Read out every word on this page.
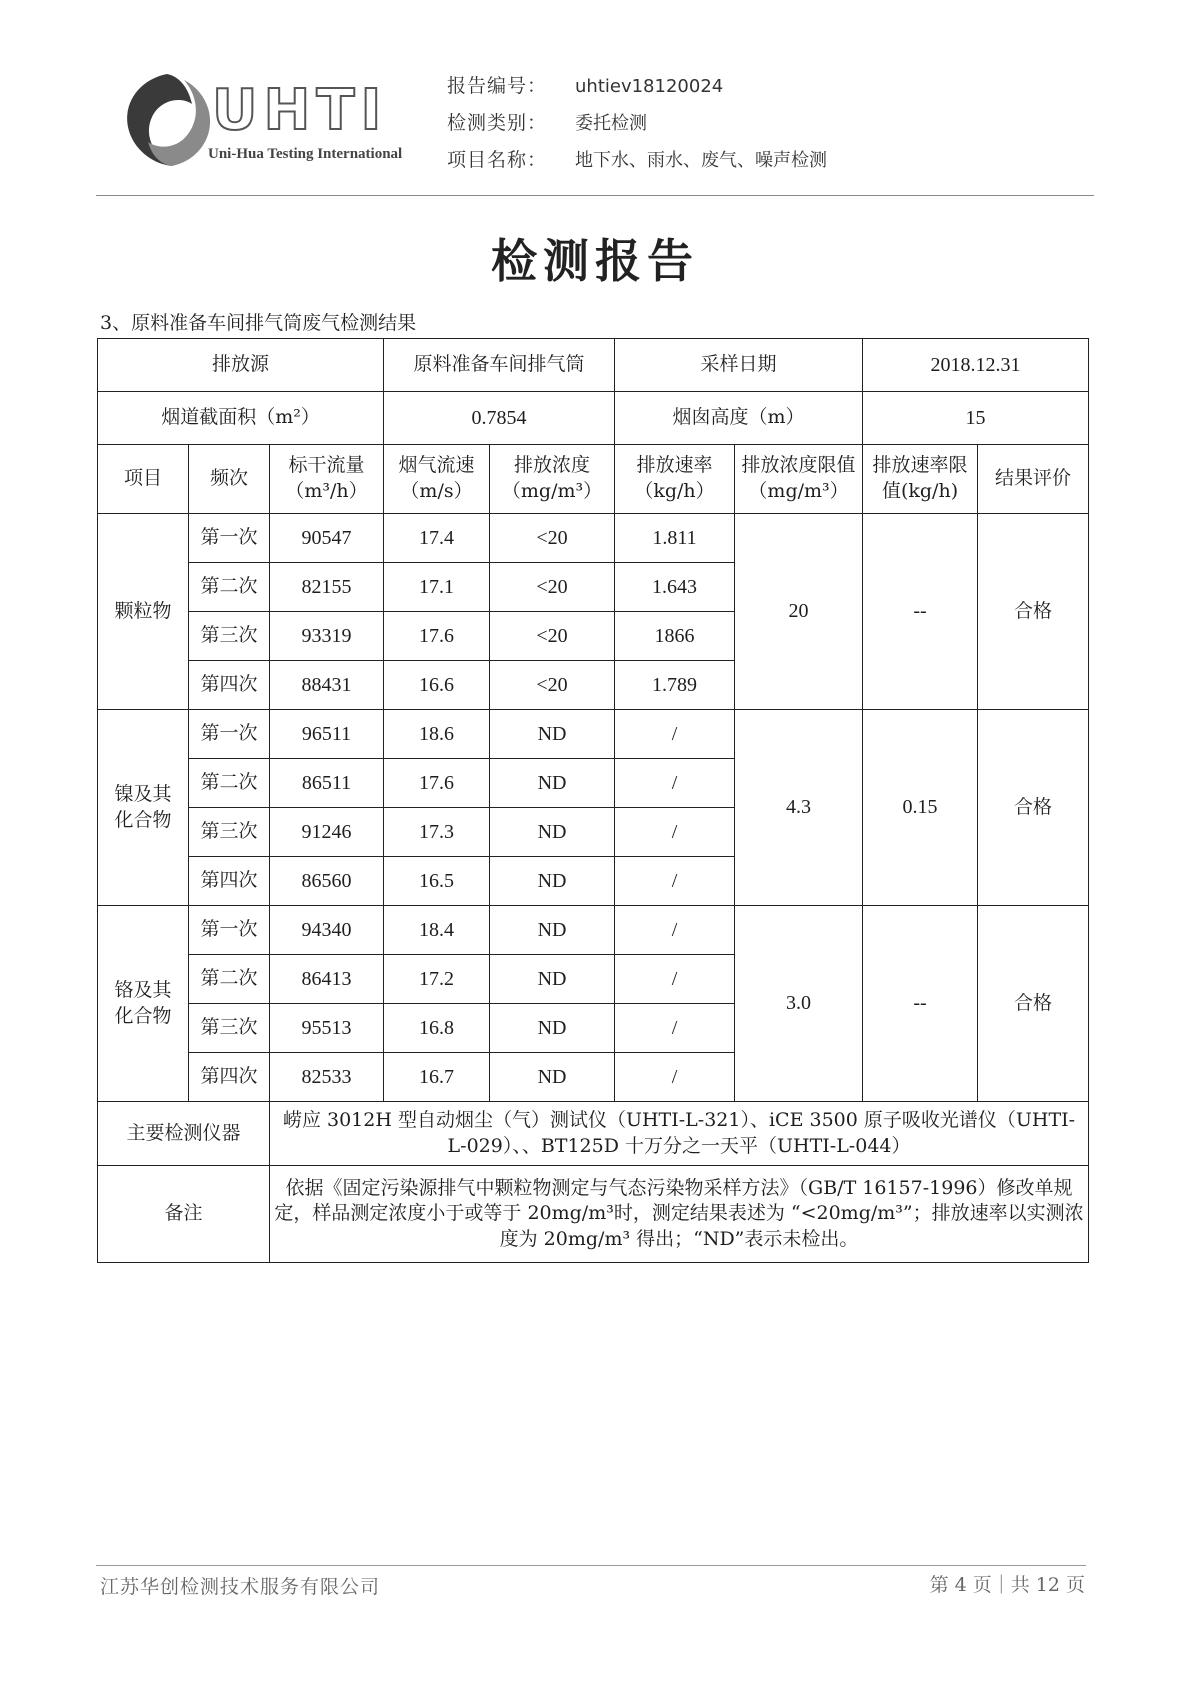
UHTI
Uni-Hua Testing International
报告编号：	uhtiev18120024
检测类别：	委托检测
项目名称：	地下水、雨水、废气、噪声检测
检测报告
3、原料准备车间排气筒废气检测结果
排放源			原料准备车间排气筒		采样日期		2018.12.31	
烟道截面积（m²）			0.7854		烟囱高度（m）		15	
项目	频次	标干流量（m³/h）	烟气流速（m/s）	排放浓度（mg/m³）	排放速率（kg/h）	排放浓度限值（mg/m³）	排放速率限值(kg/h)	结果评价
颗粒物	第一次	90547	17.4	<20	1.811	20	--	合格
	第二次	82155	17.1	<20	1.643			
	第三次	93319	17.6	<20	1866			
	第四次	88431	16.6	<20	1.789			
镍及其化合物	第一次	96511	18.6	ND	/	4.3	0.15	合格
	第二次	86511	17.6	ND	/			
	第三次	91246	17.3	ND	/			
	第四次	86560	16.5	ND	/			
铬及其化合物	第一次	94340	18.4	ND	/	3.0	--	合格
	第二次	86413	17.2	ND	/			
	第三次	95513	16.8	ND	/			
	第四次	82533	16.7	ND	/			
主要检测仪器		崂应 3012H 型自动烟尘（气）测试仪（UHTI-L-321）、iCE 3500 原子吸收光谱仪（UHTI-L-029）、、BT125D 十万分之一天平（UHTI-L-044）						
备注		依据《固定污染源排气中颗粒物测定与气态污染物采样方法》（GB/T 16157-1996）修改单规定，样品测定浓度小于或等于 20mg/m³时，测定结果表述为 “<20mg/m³”；排放速率以实测浓度为 20mg/m³ 得出；“ND”表示未检出。						
江苏华创检测技术服务有限公司	第 4 页｜共 12 页
